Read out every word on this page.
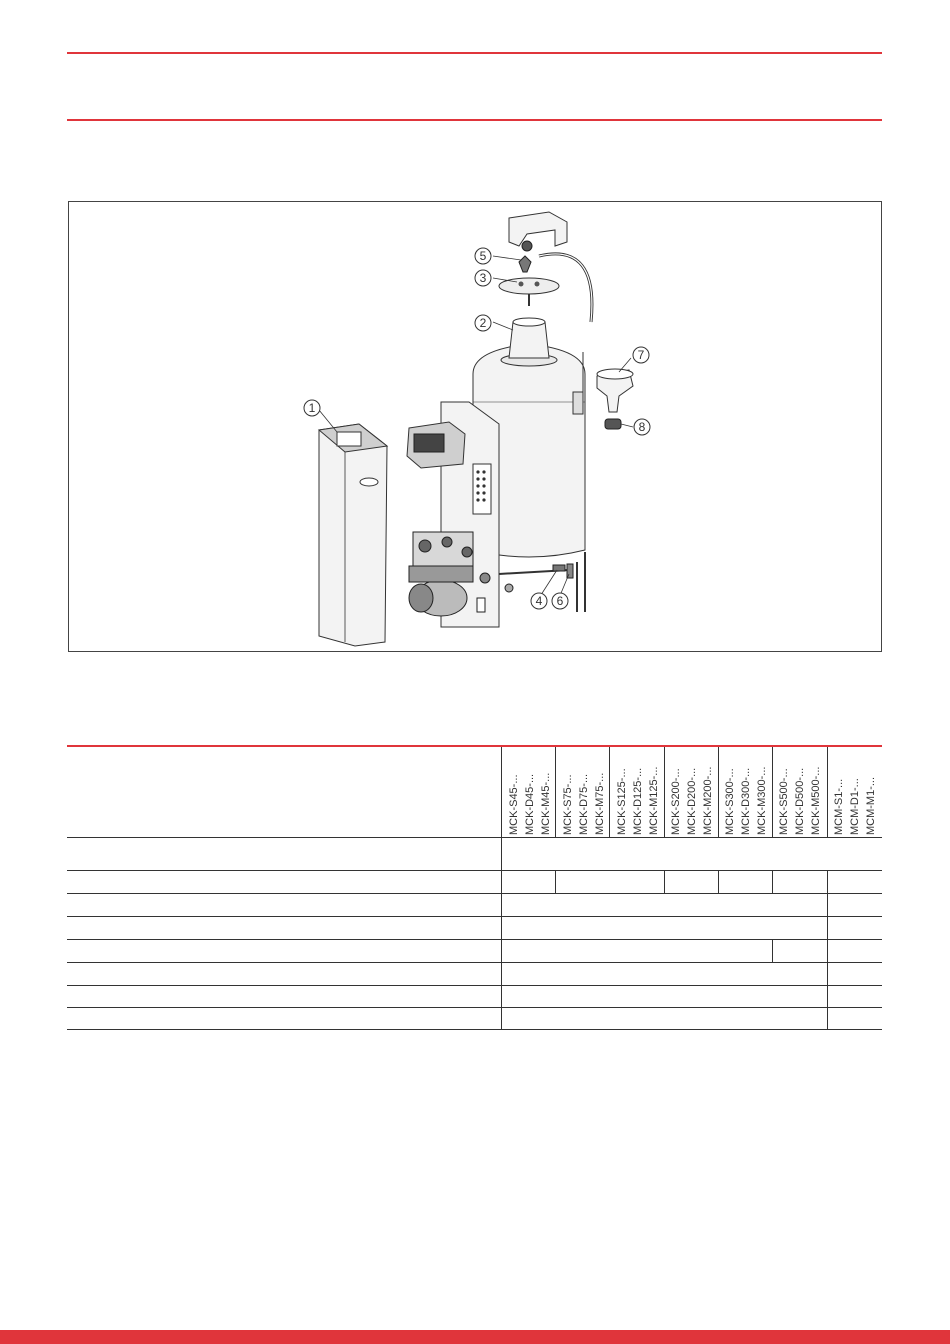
1
2
3
4
5
6
7
8
MCK-S45-... MCK-D45-... MCK-M45-... MCK-S75-... MCK-D75-... MCK-M75-... MCK-S125-... MCK-D125-... MCK-M125-... MCK-S200-... MCK-D200-... MCK-M200-... MCK-S300-... MCK-D300-... MCK-M300-... MCK-S500-... MCK-D500-... MCK-M500-... MCM-S1-... MCM-D1-... MCM-M1-...
